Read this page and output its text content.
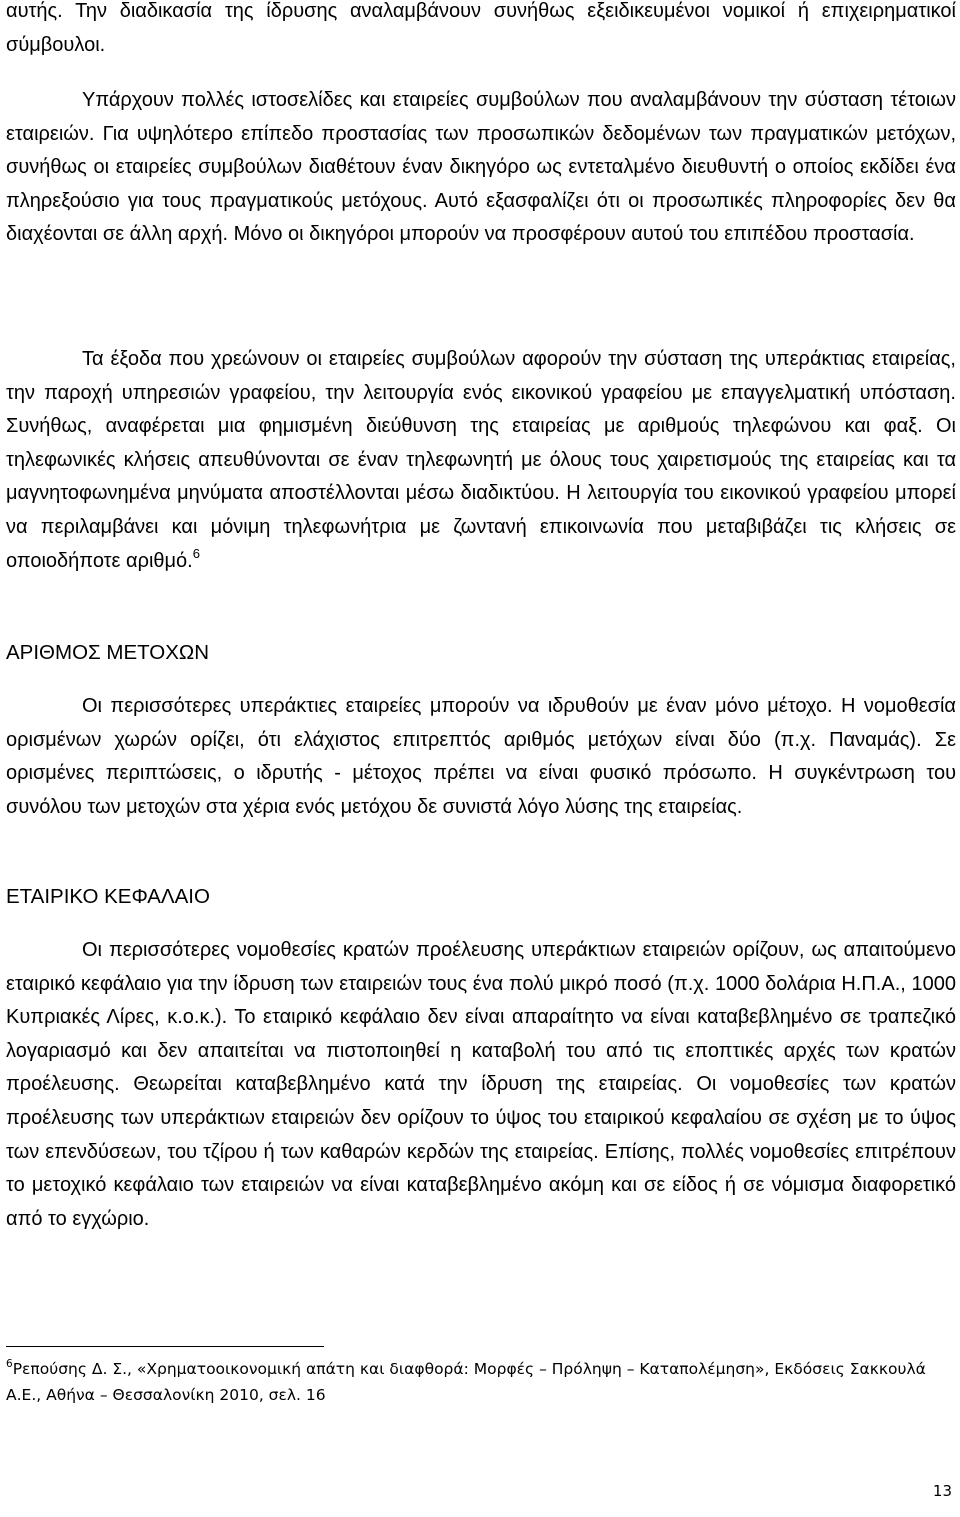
αυτής. Την διαδικασία της ίδρυσης αναλαμβάνουν συνήθως εξειδικευμένοι νομικοί ή επιχειρηματικοί σύμβουλοι.

Υπάρχουν πολλές ιστοσελίδες και εταιρείες συμβούλων που αναλαμβάνουν την σύσταση τέτοιων εταιρειών. Για υψηλότερο επίπεδο προστασίας των προσωπικών δεδομένων των πραγματικών μετόχων, συνήθως οι εταιρείες συμβούλων διαθέτουν έναν δικηγόρο ως εντεταλμένο διευθυντή ο οποίος εκδίδει ένα πληρεξούσιο για τους πραγματικούς μετόχους. Αυτό εξασφαλίζει ότι οι προσωπικές πληροφορίες δεν θα διαχέονται σε άλλη αρχή. Μόνο οι δικηγόροι μπορούν να προσφέρουν αυτού του επιπέδου προστασία.

Τα έξοδα που χρεώνουν οι εταιρείες συμβούλων αφορούν την σύσταση της υπεράκτιας εταιρείας, την παροχή υπηρεσιών γραφείου, την λειτουργία ενός εικονικού γραφείου με επαγγελματική υπόσταση. Συνήθως, αναφέρεται μια φημισμένη διεύθυνση της εταιρείας με αριθμούς τηλεφώνου και φαξ. Οι τηλεφωνικές κλήσεις απευθύνονται σε έναν τηλεφωνητή με όλους τους χαιρετισμούς της εταιρείας και τα μαγνητοφωνημένα μηνύματα αποστέλλονται μέσω διαδικτύου. Η λειτουργία του εικονικού γραφείου μπορεί να περιλαμβάνει και μόνιμη τηλεφωνήτρια με ζωντανή επικοινωνία που μεταβιβάζει τις κλήσεις σε οποιοδήποτε αριθμό.$^6$

ΑΡΙΘΜΟΣ ΜΕΤΟΧΩΝ

Οι περισσότερες υπεράκτιες εταιρείες μπορούν να ιδρυθούν με έναν μόνο μέτοχο. Η νομοθεσία ορισμένων χωρών ορίζει, ότι ελάχιστος επιτρεπτός αριθμός μετόχων είναι δύο (π.χ. Παναμάς). Σε ορισμένες περιπτώσεις, ο ιδρυτής - μέτοχος πρέπει να είναι φυσικό πρόσωπο. Η συγκέντρωση του συνόλου των μετοχών στα χέρια ενός μετόχου δε συνιστά λόγο λύσης της εταιρείας.

ΕΤΑΙΡΙΚΟ ΚΕΦΑΛΑΙΟ

Οι περισσότερες νομοθεσίες κρατών προέλευσης υπεράκτιων εταιρειών ορίζουν, ως απαιτούμενο εταιρικό κεφάλαιο για την ίδρυση των εταιρειών τους ένα πολύ μικρό ποσό (π.χ. 1000 δολάρια Η.Π.Α., 1000 Κυπριακές Λίρες, κ.ο.κ.). Το εταιρικό κεφάλαιο δεν είναι απαραίτητο να είναι καταβεβλημένο σε τραπεζικό λογαριασμό και δεν απαιτείται να πιστοποιηθεί η καταβολή του από τις εποπτικές αρχές των κρατών προέλευσης. Θεωρείται καταβεβλημένο κατά την ίδρυση της εταιρείας. Οι νομοθεσίες των κρατών προέλευσης των υπεράκτιων εταιρειών δεν ορίζουν το ύψος του εταιρικού κεφαλαίου σε σχέση με το ύψος των επενδύσεων, του τζίρου ή των καθαρών κερδών της εταιρείας. Επίσης, πολλές νομοθεσίες επιτρέπουν το μετοχικό κεφάλαιο των εταιρειών να είναι καταβεβλημένο ακόμη και σε είδος ή σε νόμισμα διαφορετικό από το εγχώριο.

$^6$Ρεπούσης Δ. Σ., «Χρηματοοικονομική απάτη και διαφθορά: Μορφές – Πρόληψη – Καταπολέμηση», Εκδόσεις Σακκουλά Α.Ε., Αθήνα – Θεσσαλονίκη 2010, σελ. 16

13
